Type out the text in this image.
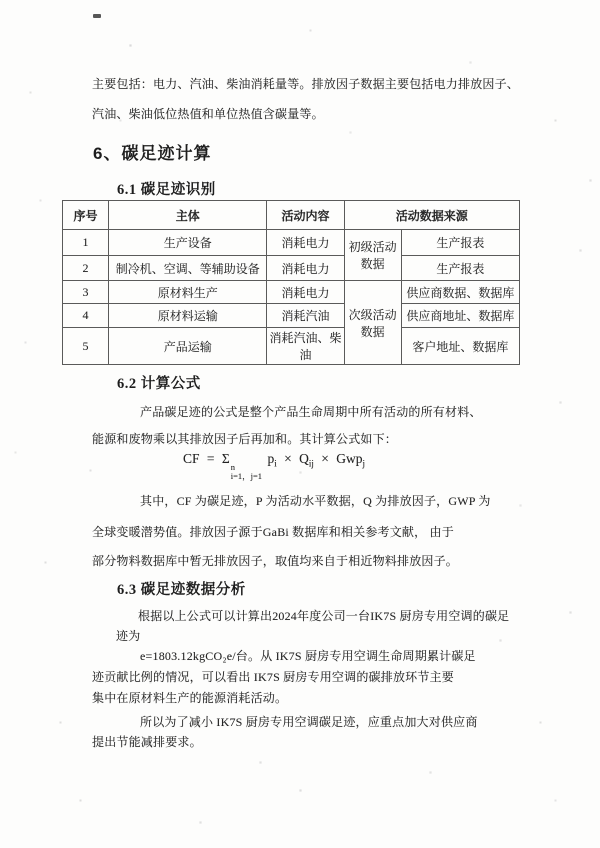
主要包括：电力、汽油、柴油消耗量等。排放因子数据主要包括电力排放因子、
汽油、柴油低位热值和单位热值含碳量等。
6、碳足迹计算
6.1 碳足迹识别
序号	主体	活动内容	活动数据来源	
1	生产设备	消耗电力	初级活动数据	生产报表
2	制冷机、空调、等辅助设备	消耗电力		生产报表
3	原材料生产	消耗电力	次级活动数据	供应商数据、数据库
4	原材料运输	消耗汽油		供应商地址、数据库
5	产品运输	消耗汽油、柴油		客户地址、数据库
6.2 计算公式
产品碳足迹的公式是整个产品生命周期中所有活动的所有材料、
能源和废物乘以其排放因子后再加和。其计算公式如下：
CF = Σ
n
i=1，j=1
$p_i \times Q_{ij} \times Gwp_j$
其中，CF 为碳足迹，P 为活动水平数据，Q 为排放因子，GWP 为
全球变暖潜势值。排放因子源于GaBi 数据库和相关参考文献， 由于
部分物料数据库中暂无排放因子，取值均来自于相近物料排放因子。
6.3 碳足迹数据分析
根据以上公式可以计算出2024年度公司一台IK7S 厨房专用空调的碳足
迹为
e=1803.12kgCO₂e/台。从 IK7S 厨房专用空调生命周期累计碳足
迹贡献比例的情况，可以看出 IK7S 厨房专用空调的碳排放环节主要
集中在原材料生产的能源消耗活动。
所以为了减小 IK7S 厨房专用空调碳足迹，应重点加大对供应商
提出节能减排要求。
